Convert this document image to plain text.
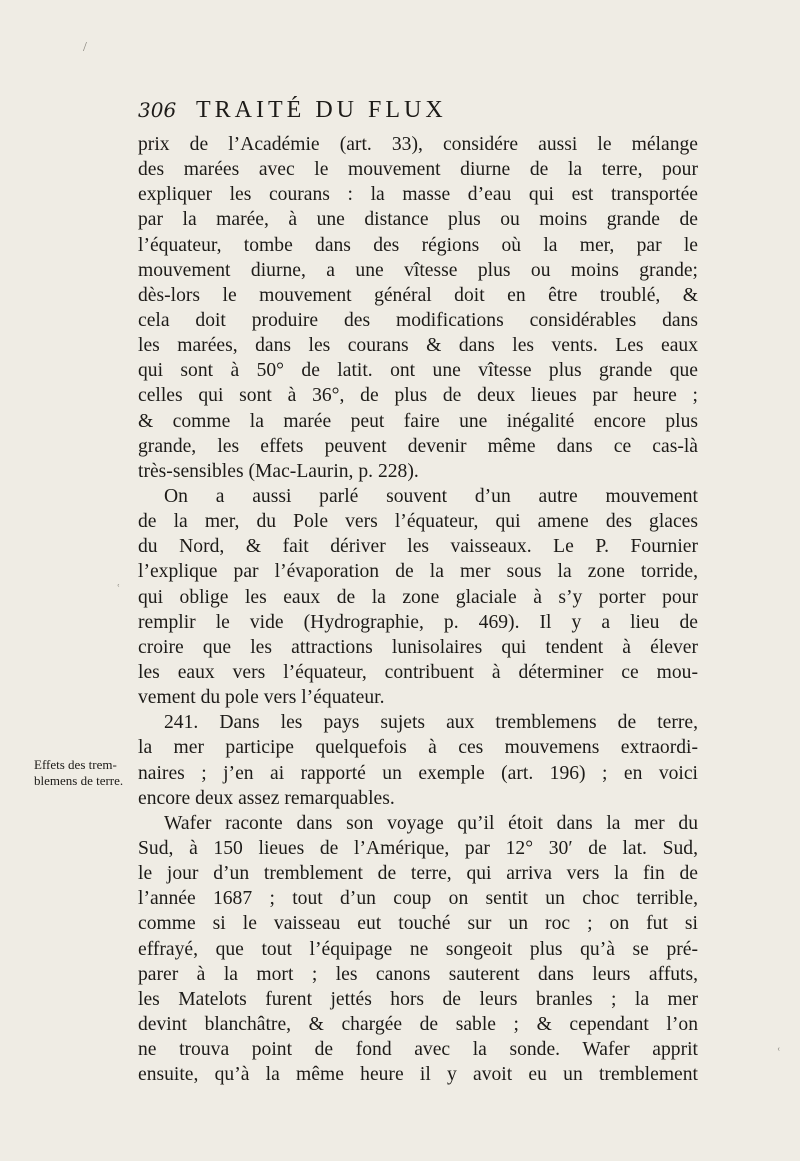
/
ʿ
ʿ
306 TRAITÉ DU FLUX
Effets des trem-
blemens de terre.
prix de l’Académie (art. 33), considére aussi le mélange
des marées avec le mouvement diurne de la terre, pour
expliquer les courans : la masse d’eau qui est transportée
par la marée, à une distance plus ou moins grande de
l’équateur, tombe dans des régions où la mer, par le
mouvement diurne, a une vîtesse plus ou moins grande;
dès-lors le mouvement général doit en être troublé, &
cela doit produire des modifications considérables dans
les marées, dans les courans & dans les vents. Les eaux
qui sont à 50° de latit. ont une vîtesse plus grande que
celles qui sont à 36°, de plus de deux lieues par heure ;
& comme la marée peut faire une inégalité encore plus
grande, les effets peuvent devenir même dans ce cas-là
très-sensibles (Mac-Laurin, p. 228).
On a aussi parlé souvent d’un autre mouvement
de la mer, du Pole vers l’équateur, qui amene des glaces
du Nord, & fait dériver les vaisseaux. Le P. Fournier
l’explique par l’évaporation de la mer sous la zone torride,
qui oblige les eaux de la zone glaciale à s’y porter pour
remplir le vide (Hydrographie, p. 469). Il y a lieu de
croire que les attractions lunisolaires qui tendent à élever
les eaux vers l’équateur, contribuent à déterminer ce mou-
vement du pole vers l’équateur.
241. Dans les pays sujets aux tremblemens de terre,
la mer participe quelquefois à ces mouvemens extraordi-
naires ; j’en ai rapporté un exemple (art. 196) ; en voici
encore deux assez remarquables.
Wafer raconte dans son voyage qu’il étoit dans la mer du
Sud, à 150 lieues de l’Amérique, par 12° 30′ de lat. Sud,
le jour d’un tremblement de terre, qui arriva vers la fin de
l’année 1687 ; tout d’un coup on sentit un choc terrible,
comme si le vaisseau eut touché sur un roc ; on fut si
effrayé, que tout l’équipage ne songeoit plus qu’à se pré-
parer à la mort ; les canons sauterent dans leurs affuts,
les Matelots furent jettés hors de leurs branles ; la mer
devint blanchâtre, & chargée de sable ; & cependant l’on
ne trouva point de fond avec la sonde. Wafer apprit
ensuite, qu’à la même heure il y avoit eu un tremblement
